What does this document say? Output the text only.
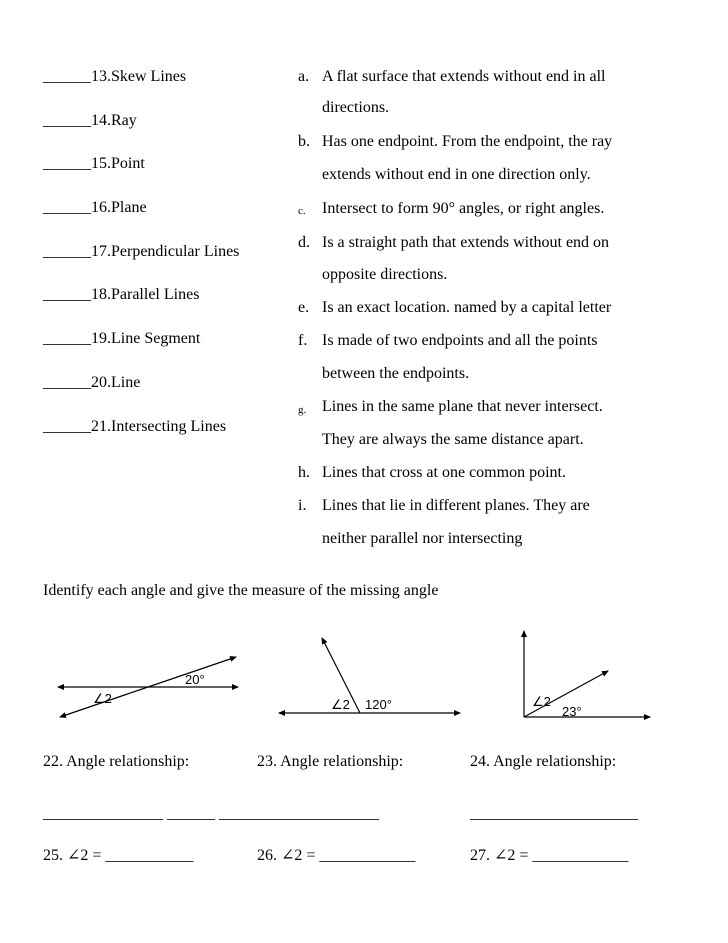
______13.Skew Lines
______14.Ray
______15.Point
______16.Plane
______17.Perpendicular Lines
______18.Parallel Lines
______19.Line Segment
______20.Line
______21.Intersecting Lines
a. A flat surface that extends without end in all
directions.
b. Has one endpoint. From the endpoint, the ray
extends without end in one direction only.
c. Intersect to form 90° angles, or right angles.
d. Is a straight path that extends without end on
opposite directions.
e. Is an exact location. named by a capital letter
f. Is made of two endpoints and all the points
between the endpoints.
g. Lines in the same plane that never intersect.
They are always the same distance apart.
h. Lines that cross at one common point.
i. Lines that lie in different planes. They are
neither parallel nor intersecting
Identify each angle and give the measure of the missing angle
∠2
20°
∠2 120°	∠2
23°
22. Angle relationship:	23. Angle relationship:	24. Angle relationship:
_______________ ______ ____________________	_____________________
25. ∠2 = ___________	26. ∠2 = ____________	27. ∠2 = ____________
